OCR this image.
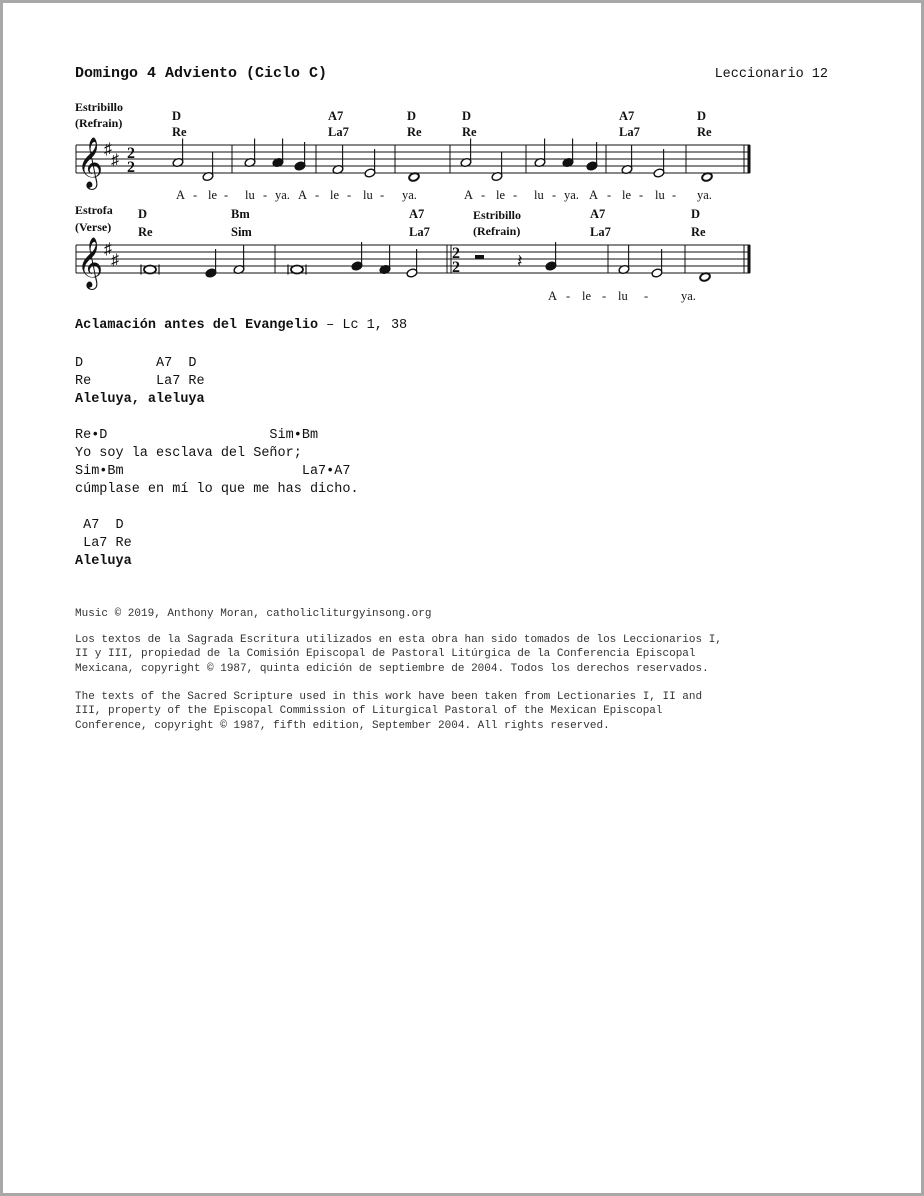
Domingo 4 Adviento (Ciclo C)	Leccionario 12
Estribillo
(Refrain)
𝄞 ♯
♯ 2
2
D
Re
A7
La7
D
Re
D
Re
A7
La7
D
Re
A - le - lu - ya. A - le - lu - ya.	A - le - lu - ya. A - le - lu - ya.
Estrofa
(Verse)
𝄞 ♯
♯	2
2
Estribillo
(Refrain)
D
Re
Bm
Sim
A7
La7
A7
La7
D
Re
𝄽
A - le - lu -	ya.
Aclamación antes del Evangelio – Lc 1, 38
D         A7  D
Re        La7 Re
Aleluya, aleluya
Re•D                    Sim•Bm
Yo soy la esclava del Señor;
Sim•Bm                      La7•A7
cúmplase en mí lo que me has dicho.
A7  D
La7 Re
Aleluya
Music © 2019, Anthony Moran, catholicliturgyinsong.org
Los textos de la Sagrada Escritura utilizados en esta obra han sido tomados de los Leccionarios I,
II y III, propiedad de la Comisión Episcopal de Pastoral Litúrgica de la Conferencia Episcopal
Mexicana, copyright © 1987, quinta edición de septiembre de 2004. Todos los derechos reservados.
The texts of the Sacred Scripture used in this work have been taken from Lectionaries I, II and
III, property of the Episcopal Commission of Liturgical Pastoral of the Mexican Episcopal
Conference, copyright © 1987, fifth edition, September 2004. All rights reserved.
